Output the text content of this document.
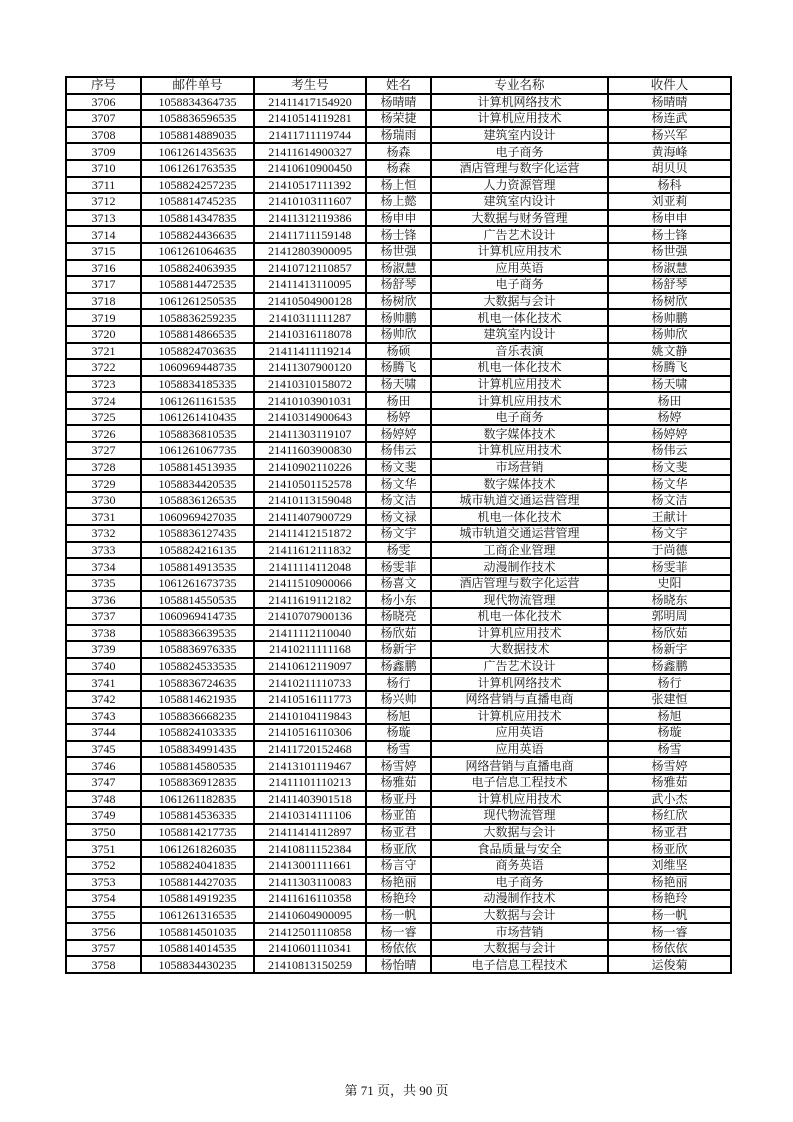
序号	邮件单号	考生号	姓名	专业名称	收件人
3706	1058834364735	21411417154920	杨晴晴	计算机网络技术	杨晴晴
3707	1058836596535	21410514119281	杨荣捷	计算机应用技术	杨连武
3708	1058814889035	21411711119744	杨瑞雨	建筑室内设计	杨兴军
3709	1061261435635	21411614900327	杨森	电子商务	黄海峰
3710	1061261763535	21410610900450	杨森	酒店管理与数字化运营	胡贝贝
3711	1058824257235	21410517111392	杨上恒	人力资源管理	杨科
3712	1058814745235	21410103111607	杨上懿	建筑室内设计	刘亚莉
3713	1058814347835	21411312119386	杨申申	大数据与财务管理	杨申申
3714	1058824436635	21411711159148	杨士锋	广告艺术设计	杨士锋
3715	1061261064635	21412803900095	杨世强	计算机应用技术	杨世强
3716	1058824063935	21410712110857	杨淑慧	应用英语	杨淑慧
3717	1058814472535	21411413110095	杨舒琴	电子商务	杨舒琴
3718	1061261250535	21410504900128	杨树欣	大数据与会计	杨树欣
3719	1058836259235	21410311111287	杨帅鹏	机电一体化技术	杨帅鹏
3720	1058814866535	21410316118078	杨帅欣	建筑室内设计	杨帅欣
3721	1058824703635	21411411119214	杨硕	音乐表演	姚文静
3722	1060969448735	21411307900120	杨腾飞	机电一体化技术	杨腾飞
3723	1058834185335	21410310158072	杨天啸	计算机应用技术	杨天啸
3724	1061261161535	21410103901031	杨田	计算机应用技术	杨田
3725	1061261410435	21410314900643	杨婷	电子商务	杨婷
3726	1058836810535	21411303119107	杨婷婷	数字媒体技术	杨婷婷
3727	1061261067735	21411603900830	杨伟云	计算机应用技术	杨伟云
3728	1058814513935	21410902110226	杨文斐	市场营销	杨文斐
3729	1058834420535	21410501152578	杨文华	数字媒体技术	杨文华
3730	1058836126535	21410113159048	杨文洁	城市轨道交通运营管理	杨文洁
3731	1060969427035	21411407900729	杨文禄	机电一体化技术	王献计
3732	1058836127435	21411412151872	杨文宇	城市轨道交通运营管理	杨文宇
3733	1058824216135	21411612111832	杨雯	工商企业管理	于尚德
3734	1058814913535	21411114112048	杨雯菲	动漫制作技术	杨雯菲
3735	1061261673735	21411510900066	杨喜文	酒店管理与数字化运营	史阳
3736	1058814550535	21411619112182	杨小东	现代物流管理	杨晓东
3737	1060969414735	21410707900136	杨晓亮	机电一体化技术	郭明周
3738	1058836639535	21411112110040	杨欣茹	计算机应用技术	杨欣茹
3739	1058836976335	21410211111168	杨新宇	大数据技术	杨新宇
3740	1058824533535	21410612119097	杨鑫鹏	广告艺术设计	杨鑫鹏
3741	1058836724635	21410211110733	杨行	计算机网络技术	杨行
3742	1058814621935	21410516111773	杨兴帅	网络营销与直播电商	张建恒
3743	1058836668235	21410104119843	杨旭	计算机应用技术	杨旭
3744	1058824103335	21410516110306	杨璇	应用英语	杨璇
3745	1058834991435	21411720152468	杨雪	应用英语	杨雪
3746	1058814580535	21413101119467	杨雪婷	网络营销与直播电商	杨雪婷
3747	1058836912835	21411101110213	杨雅茹	电子信息工程技术	杨雅茹
3748	1061261182835	21411403901518	杨亚丹	计算机应用技术	武小杰
3749	1058814536335	21410314111106	杨亚笛	现代物流管理	杨红欣
3750	1058814217735	21411414112897	杨亚君	大数据与会计	杨亚君
3751	1061261826035	21410811152384	杨亚欣	食品质量与安全	杨亚欣
3752	1058824041835	21413001111661	杨言守	商务英语	刘维坚
3753	1058814427035	21411303110083	杨艳丽	电子商务	杨艳丽
3754	1058814919235	21411616110358	杨艳玲	动漫制作技术	杨艳玲
3755	1061261316535	21410604900095	杨一帆	大数据与会计	杨一帆
3756	1058814501035	21412501110858	杨一睿	市场营销	杨一睿
3757	1058814014535	21410601110341	杨依依	大数据与会计	杨依依
3758	1058834430235	21410813150259	杨怡晴	电子信息工程技术	运俊菊
第 71 页，共 90 页
